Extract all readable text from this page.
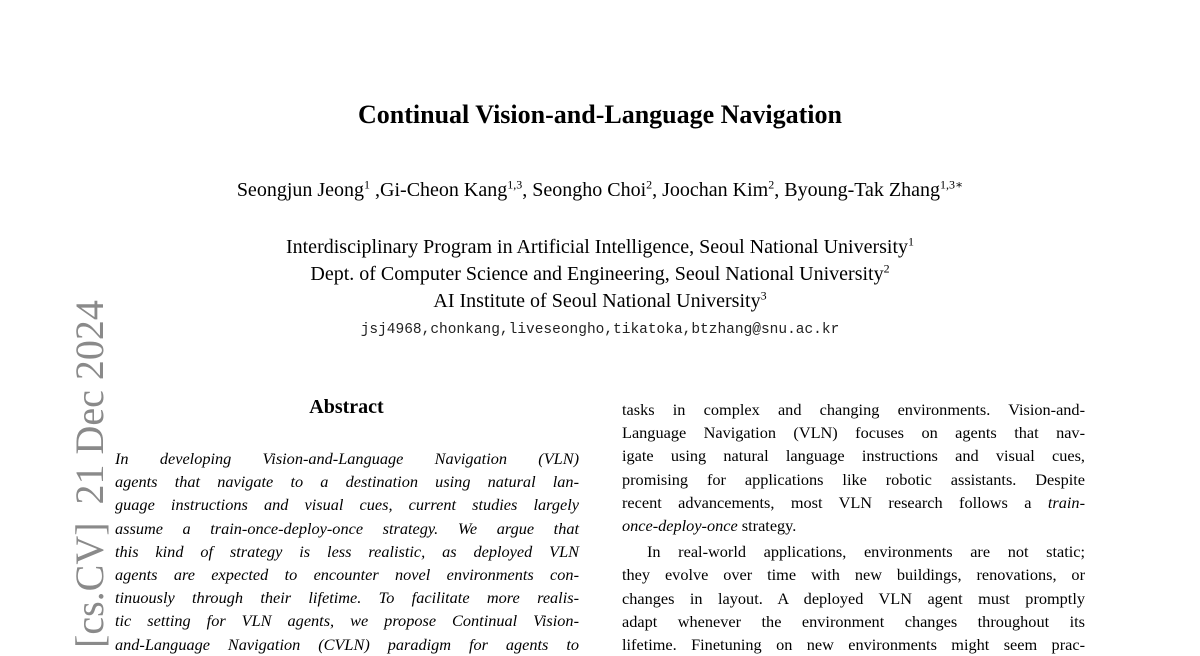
[cs.CV]21 Dec 2024
Continual Vision-and-Language Navigation
Seongjun Jeong$^1$ ,Gi-Cheon Kang$^{1,3}$, Seongho Choi$^2$, Joochan Kim$^2$, Byoung-Tak Zhang$^{1,3∗}$
Interdisciplinary Program in Artificial Intelligence, Seoul National University$^1$
Dept. of Computer Science and Engineering, Seoul National University$^2$
AI Institute of Seoul National University$^3$
jsj4968,chonkang,liveseongho,tikatoka,btzhang@snu.ac.kr
Abstract
In developing Vision-and-Language Navigation (VLN)
agents that navigate to a destination using natural lan-
guage instructions and visual cues, current studies largely
assume a train-once-deploy-once strategy. We argue that
this kind of strategy is less realistic, as deployed VLN
agents are expected to encounter novel environments con-
tinuously through their lifetime. To facilitate more realis-
tic setting for VLN agents, we propose Continual Vision-
and-Language Navigation (CVLN) paradigm for agents to
tasks in complex and changing environments. Vision-and-
Language Navigation (VLN) focuses on agents that nav-
igate using natural language instructions and visual cues,
promising for applications like robotic assistants. Despite
recent advancements, most VLN research follows a train-
once-deploy-once strategy.
In real-world applications, environments are not static;
they evolve over time with new buildings, renovations, or
changes in layout. A deployed VLN agent must promptly
adapt whenever the environment changes throughout its
lifetime. Finetuning on new environments might seem prac-
